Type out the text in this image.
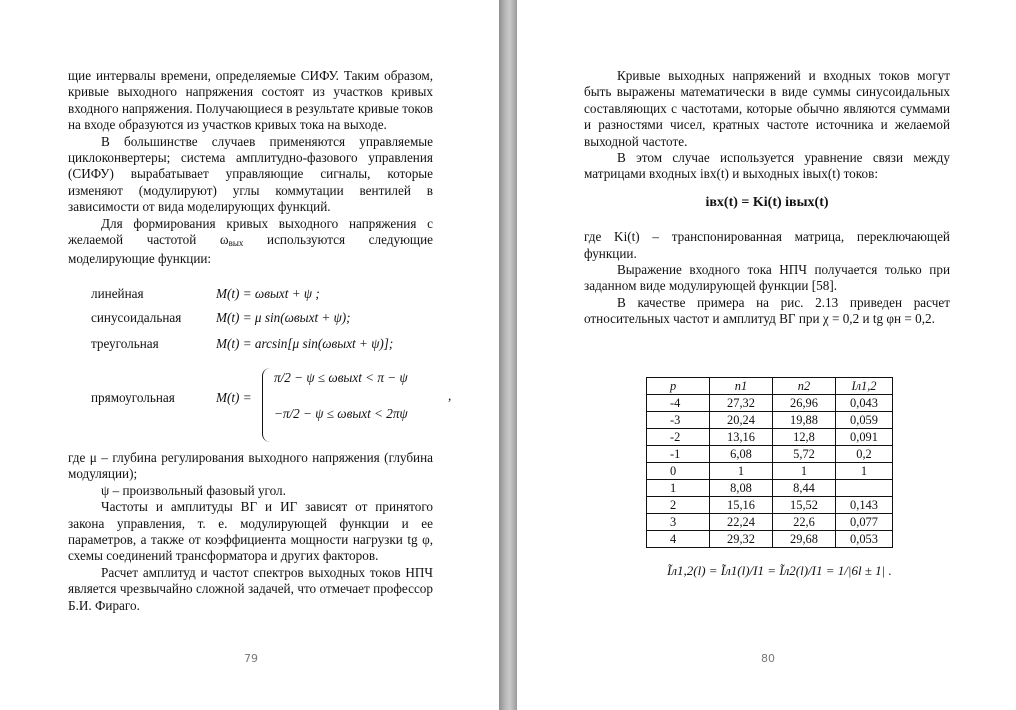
щие интервалы времени, определяемые СИФУ. Таким образом, кривые выходного напряжения состоят из участков кривых входного напряжения. Получающиеся в результате кривые токов на входе образуются из участков кривых тока на выходе.

В большинстве случаев применяются управляемые циклоконвертеры; система амплитудно-фазового управления (СИФУ) вырабатывает управляющие сигналы, которые изменяют (модулируют) углы коммутации вентилей в зависимости от вида моделирующих функций.

Для формирования кривых выходного напряжения с желаемой частотой $\omega_{вых}$ используются следующие моделирующие функции:

линейная	M(t) = ωвыхt + ψ ;
синусоидальная	M(t) = μ sin(ωвыхt + ψ);
треугольная	M(t) = arcsin[μ sin(ωвыхt + ψ)];
прямоугольная	M(t) =
π/2 − ψ ≤ ωвыхt < π − ψ
−π/2 − ψ ≤ ωвыхt < 2πψ
,

где μ – глубина регулирования выходного напряжения (глубина модуляции);

ψ – произвольный фазовый угол.

Частоты и амплитуды ВГ и ИГ зависят от принятого закона управления, т. е. модулирующей функции и ее параметров, а также от коэффициента мощности нагрузки tg φ, схемы соединений трансформатора и других факторов.

Расчет амплитуд и частот спектров выходных токов НПЧ является чрезвычайно сложной задачей, что отмечает профессор Б.И. Фираго.

79

Кривые выходных напряжений и входных токов могут быть выражены математически в виде суммы синусоидальных составляющих с частотами, которые обычно являются суммами и разностями чисел, кратных частоте источника и желаемой выходной частоте.

В этом случае используется уравнение связи между матрицами входных iвх(t) и выходных iвых(t) токов:

iвх(t) = Ki(t) iвых(t)

где Ki(t) – транспонированная матрица, переключающей функции.

Выражение входного тока НПЧ получается только при заданном виде модулирующей функции [58].

В качестве примера на рис. 2.13 приведен расчет относительных частот и амплитуд ВГ при χ = 0,2 и tg φн = 0,2.

p	n1	n2	Iл1,2
-4	27,32	26,96	0,043
-3	20,24	19,88	0,059
-2	13,16	12,8	0,091
-1	6,08	5,72	0,2
0	1	1	1
1	8,08	8,44	
2	15,16	15,52	0,143
3	22,24	22,6	0,077
4	29,32	29,68	0,053
Ĩл1,2(l) = Ĩл1(l)/I1 = Ĩл2(l)/I1 = 1/|6l ± 1| .
80
